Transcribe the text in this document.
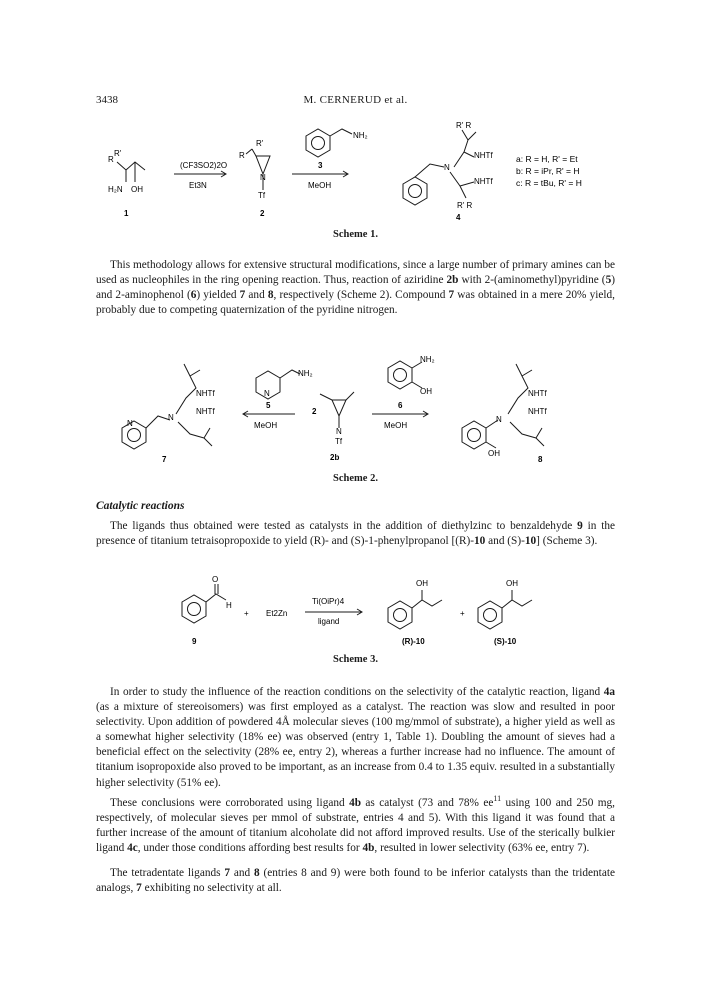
3438	M. CERNERUD et al.
R
R'
H₂N OH
1
(CF3SO2)2O
Et3N
R
R'
N
Tf
2
3
MeOH
NH₂
N
NHTf
NHTf
R' R
R' R
4
a: R = H, R' = Et
b: R = iPr, R' = H
c: R = tBu, R' = H
Scheme 1.

This methodology allows for extensive structural modifications, since a large number of primary amines can be used as nucleophiles in the ring opening reaction. Thus, reaction of aziridine 2b with 2-(aminomethyl)pyridine (5) and 2-aminophenol (6) yielded 7 and 8, respectively (Scheme 2). Compound 7 was obtained in a mere 20% yield, probably due to competing quaternization of the pyridine nitrogen.

N
N
NHTf
NHTf
7
N
NH₂
5
MeOH
2
N
Tf
2b
NH₂
OH
6
MeOH
N
OH
NHTf
NHTf
8
Scheme 2.
Catalytic reactions

The ligands thus obtained were tested as catalysts in the addition of diethylzinc to benzaldehyde 9 in the presence of titanium tetraisopropoxide to yield (R)- and (S)-1-phenylpropanol [(R)-10 and (S)-10] (Scheme 3).

O
H
9
+ Et2Zn
Ti(OiPr)4
ligand
OH
(R)-10
+
OH
(S)-10
Scheme 3.

In order to study the influence of the reaction conditions on the selectivity of the catalytic reaction, ligand 4a (as a mixture of stereoisomers) was first employed as a catalyst. The reaction was slow and resulted in poor selectivity. Upon addition of powdered 4Å molecular sieves (100 mg/mmol of substrate), a higher yield as well as a somewhat higher selectivity (18% ee) was observed (entry 1, Table 1). Doubling the amount of sieves had a beneficial effect on the selectivity (28% ee, entry 2), whereas a further increase had no influence. The amount of titanium isopropoxide also proved to be important, as an increase from 0.4 to 1.35 equiv. resulted in a substantially higher selectivity (51% ee).

These conclusions were corroborated using ligand 4b as catalyst (73 and 78% $ee^{11}$ using 100 and 250 mg, respectively, of molecular sieves per mmol of substrate, entries 4 and 5). With this ligand it was found that a further increase of the amount of titanium alcoholate did not afford improved results. Use of the sterically bulkier ligand 4c, under those conditions affording best results for 4b, resulted in lower selectivity (63% ee, entry 7).

The tetradentate ligands 7 and 8 (entries 8 and 9) were both found to be inferior catalysts than the tridentate analogs, 7 exhibiting no selectivity at all.
